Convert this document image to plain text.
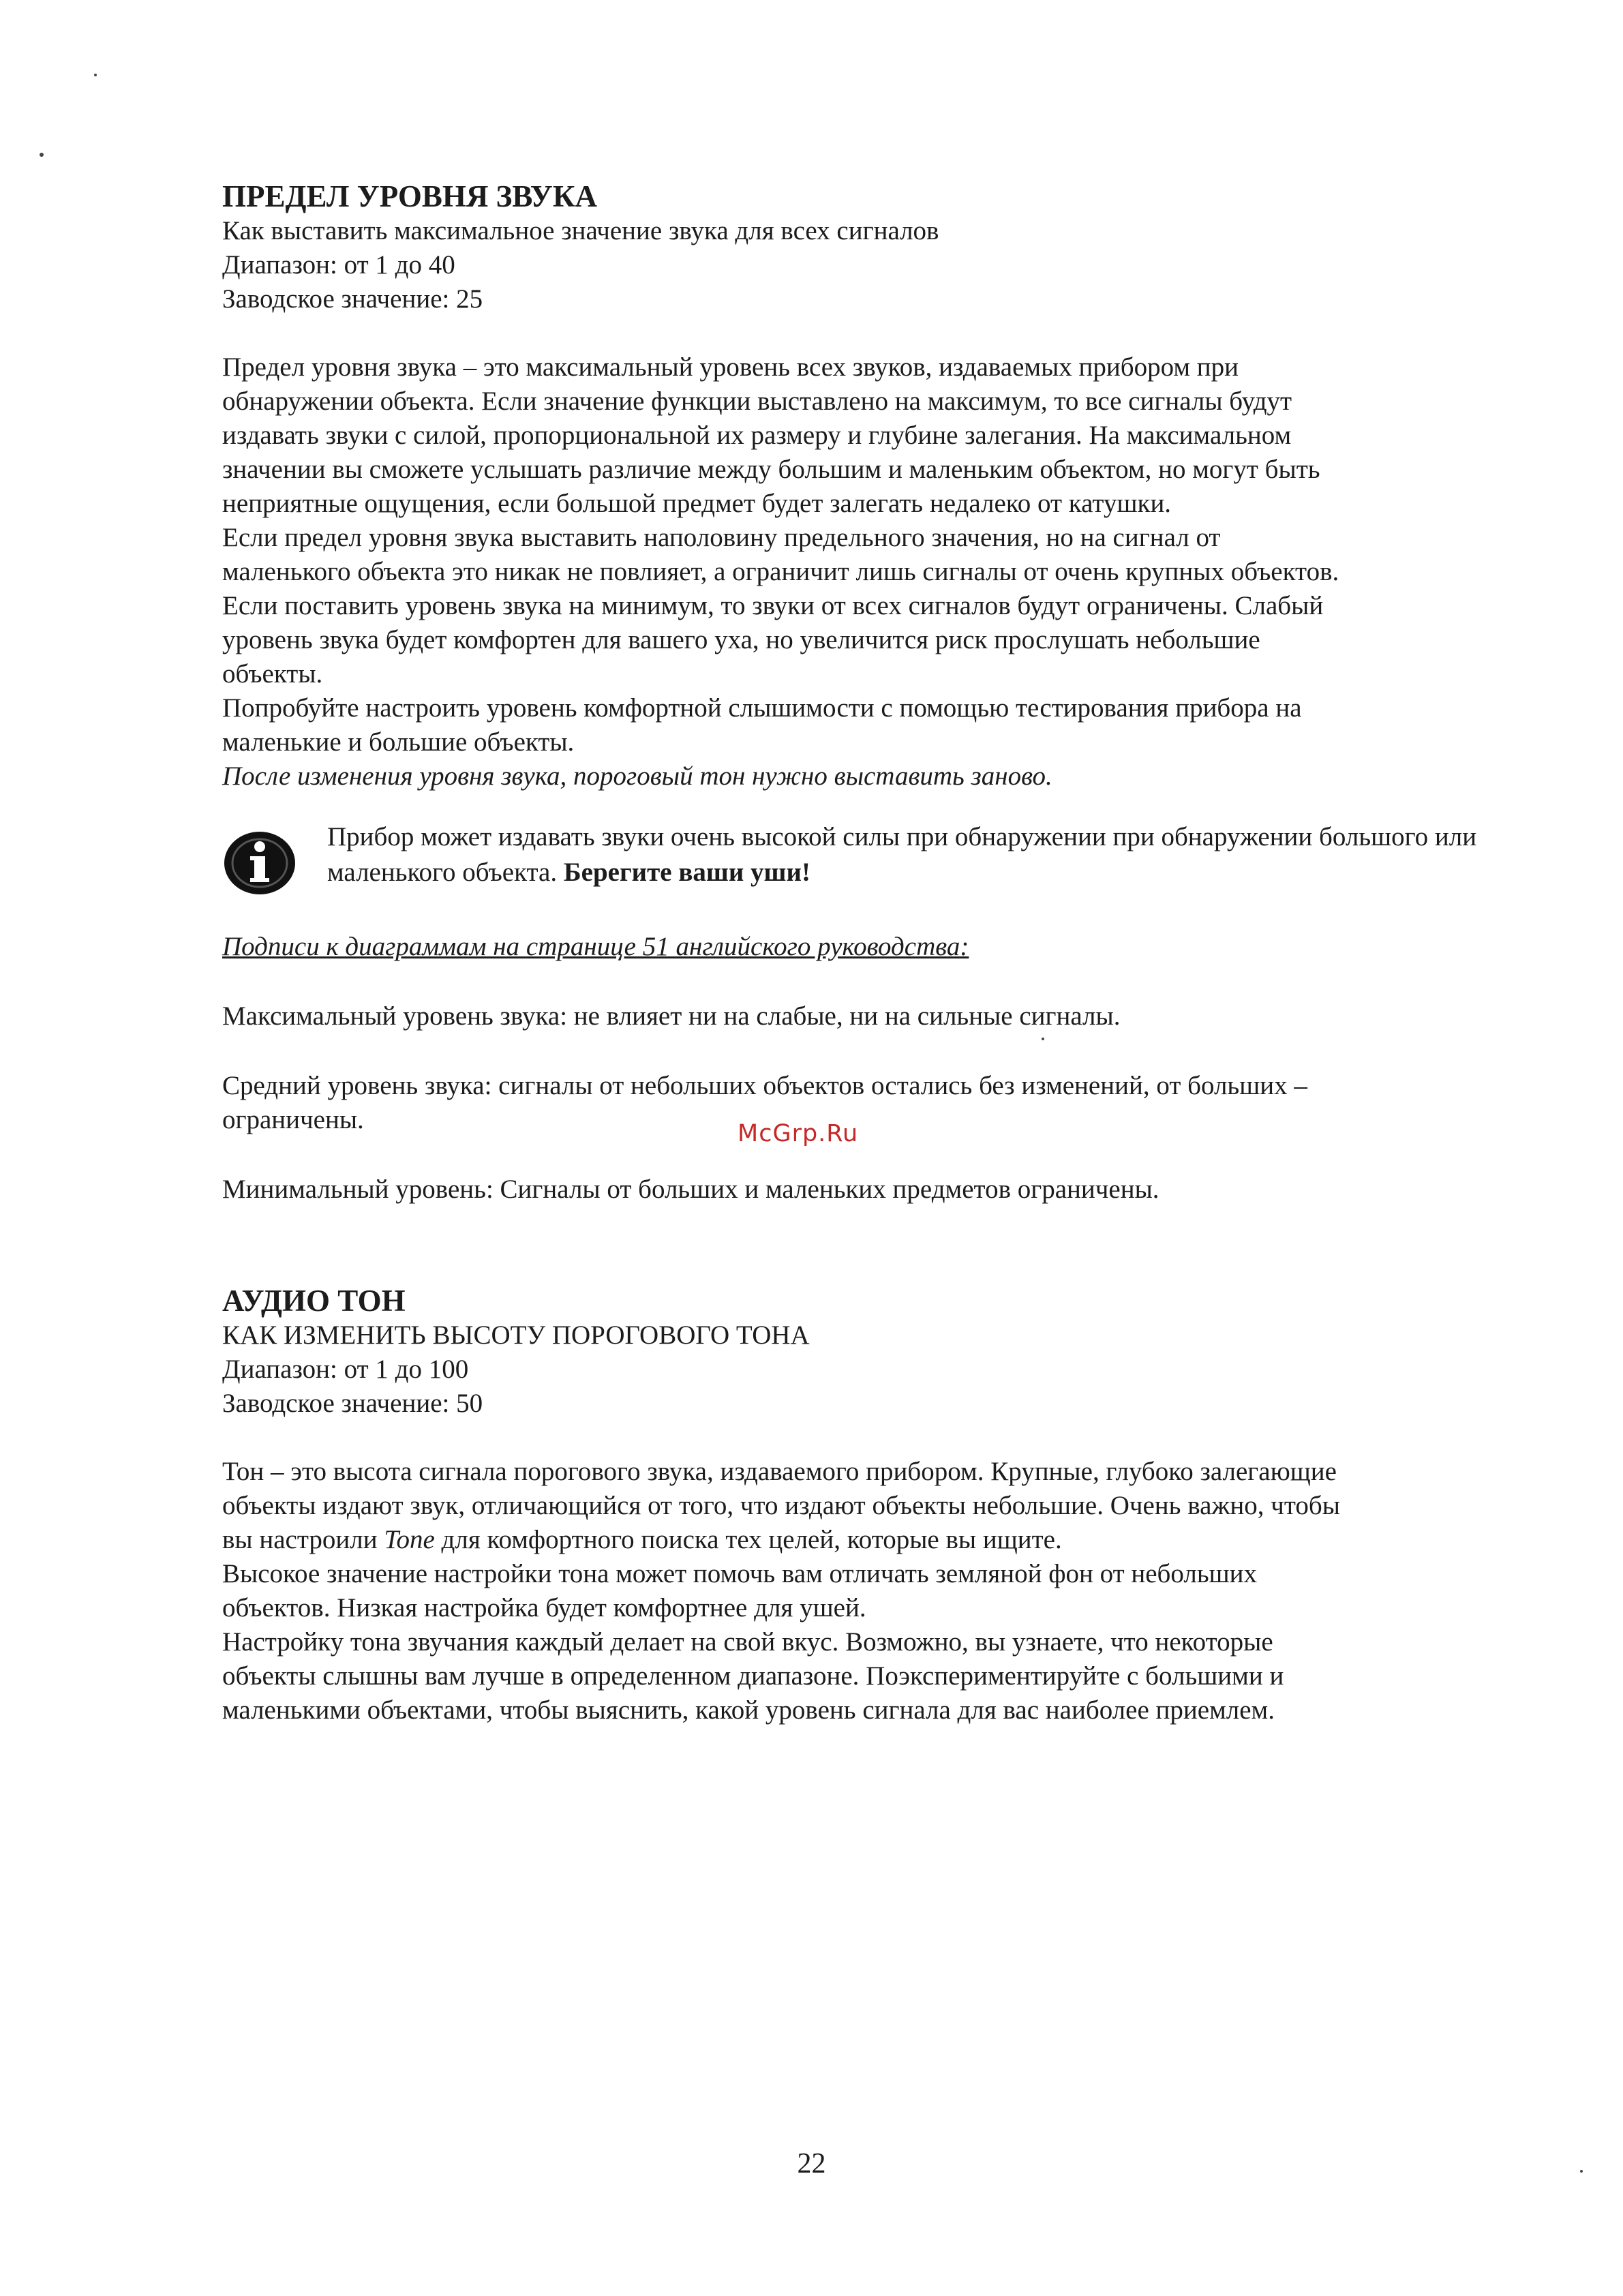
ПРЕДЕЛ УРОВНЯ ЗВУКА
Как выставить максимальное значение звука для всех сигналов
Диапазон: от 1 до 40
Заводское значение: 25
Предел уровня звука – это максимальный уровень всех звуков, издаваемых прибором при
обнаружении объекта. Если значение функции выставлено на максимум, то все сигналы будут
издавать звуки с силой, пропорциональной их размеру и глубине залегания. На максимальном
значении вы сможете услышать различие между большим и маленьким объектом, но могут быть
неприятные ощущения, если большой предмет будет залегать недалеко от катушки.
Если предел уровня звука выставить наполовину предельного значения, но на сигнал от
маленького объекта это никак не повлияет, а ограничит лишь сигналы от очень крупных объектов.
Если поставить уровень звука на минимум, то звуки от всех сигналов будут ограничены. Слабый
уровень звука будет комфортен для вашего уха, но увеличится риск прослушать небольшие
объекты.
Попробуйте настроить уровень комфортной слышимости с помощью тестирования прибора на
маленькие и большие объекты.
После изменения уровня звука, пороговый тон нужно выставить заново.
Прибор может издавать звуки очень высокой силы при обнаружении при обнаружении большого или маленького объекта. Берегите ваши уши!
Подписи к диаграммам на странице 51 английского руководства:
Максимальный уровень звука: не влияет ни на слабые, ни на сильные сигналы.
Средний уровень звука: сигналы от небольших объектов остались без изменений, от больших –
ограничены.
Минимальный уровень: Сигналы от больших и маленьких предметов ограничены.
АУДИО ТОН
КАК ИЗМЕНИТЬ ВЫСОТУ ПОРОГОВОГО ТОНА
Диапазон: от 1 до 100
Заводское значение: 50
Тон – это высота сигнала порогового звука, издаваемого прибором. Крупные, глубоко залегающие
объекты издают звук, отличающийся от того, что издают объекты небольшие. Очень важно, чтобы
вы настроили Tone для комфортного поиска тех целей, которые вы ищите.
Высокое значение настройки тона может помочь вам отличать земляной фон от небольших
объектов. Низкая настройка будет комфортнее для ушей.
Настройку тона звучания каждый делает на свой вкус. Возможно, вы узнаете, что некоторые
объекты слышны вам лучше в определенном диапазоне. Поэкспериментируйте с большими и
маленькими объектами, чтобы выяснить, какой уровень сигнала для вас наиболее приемлем.
McGrp.Ru
22
